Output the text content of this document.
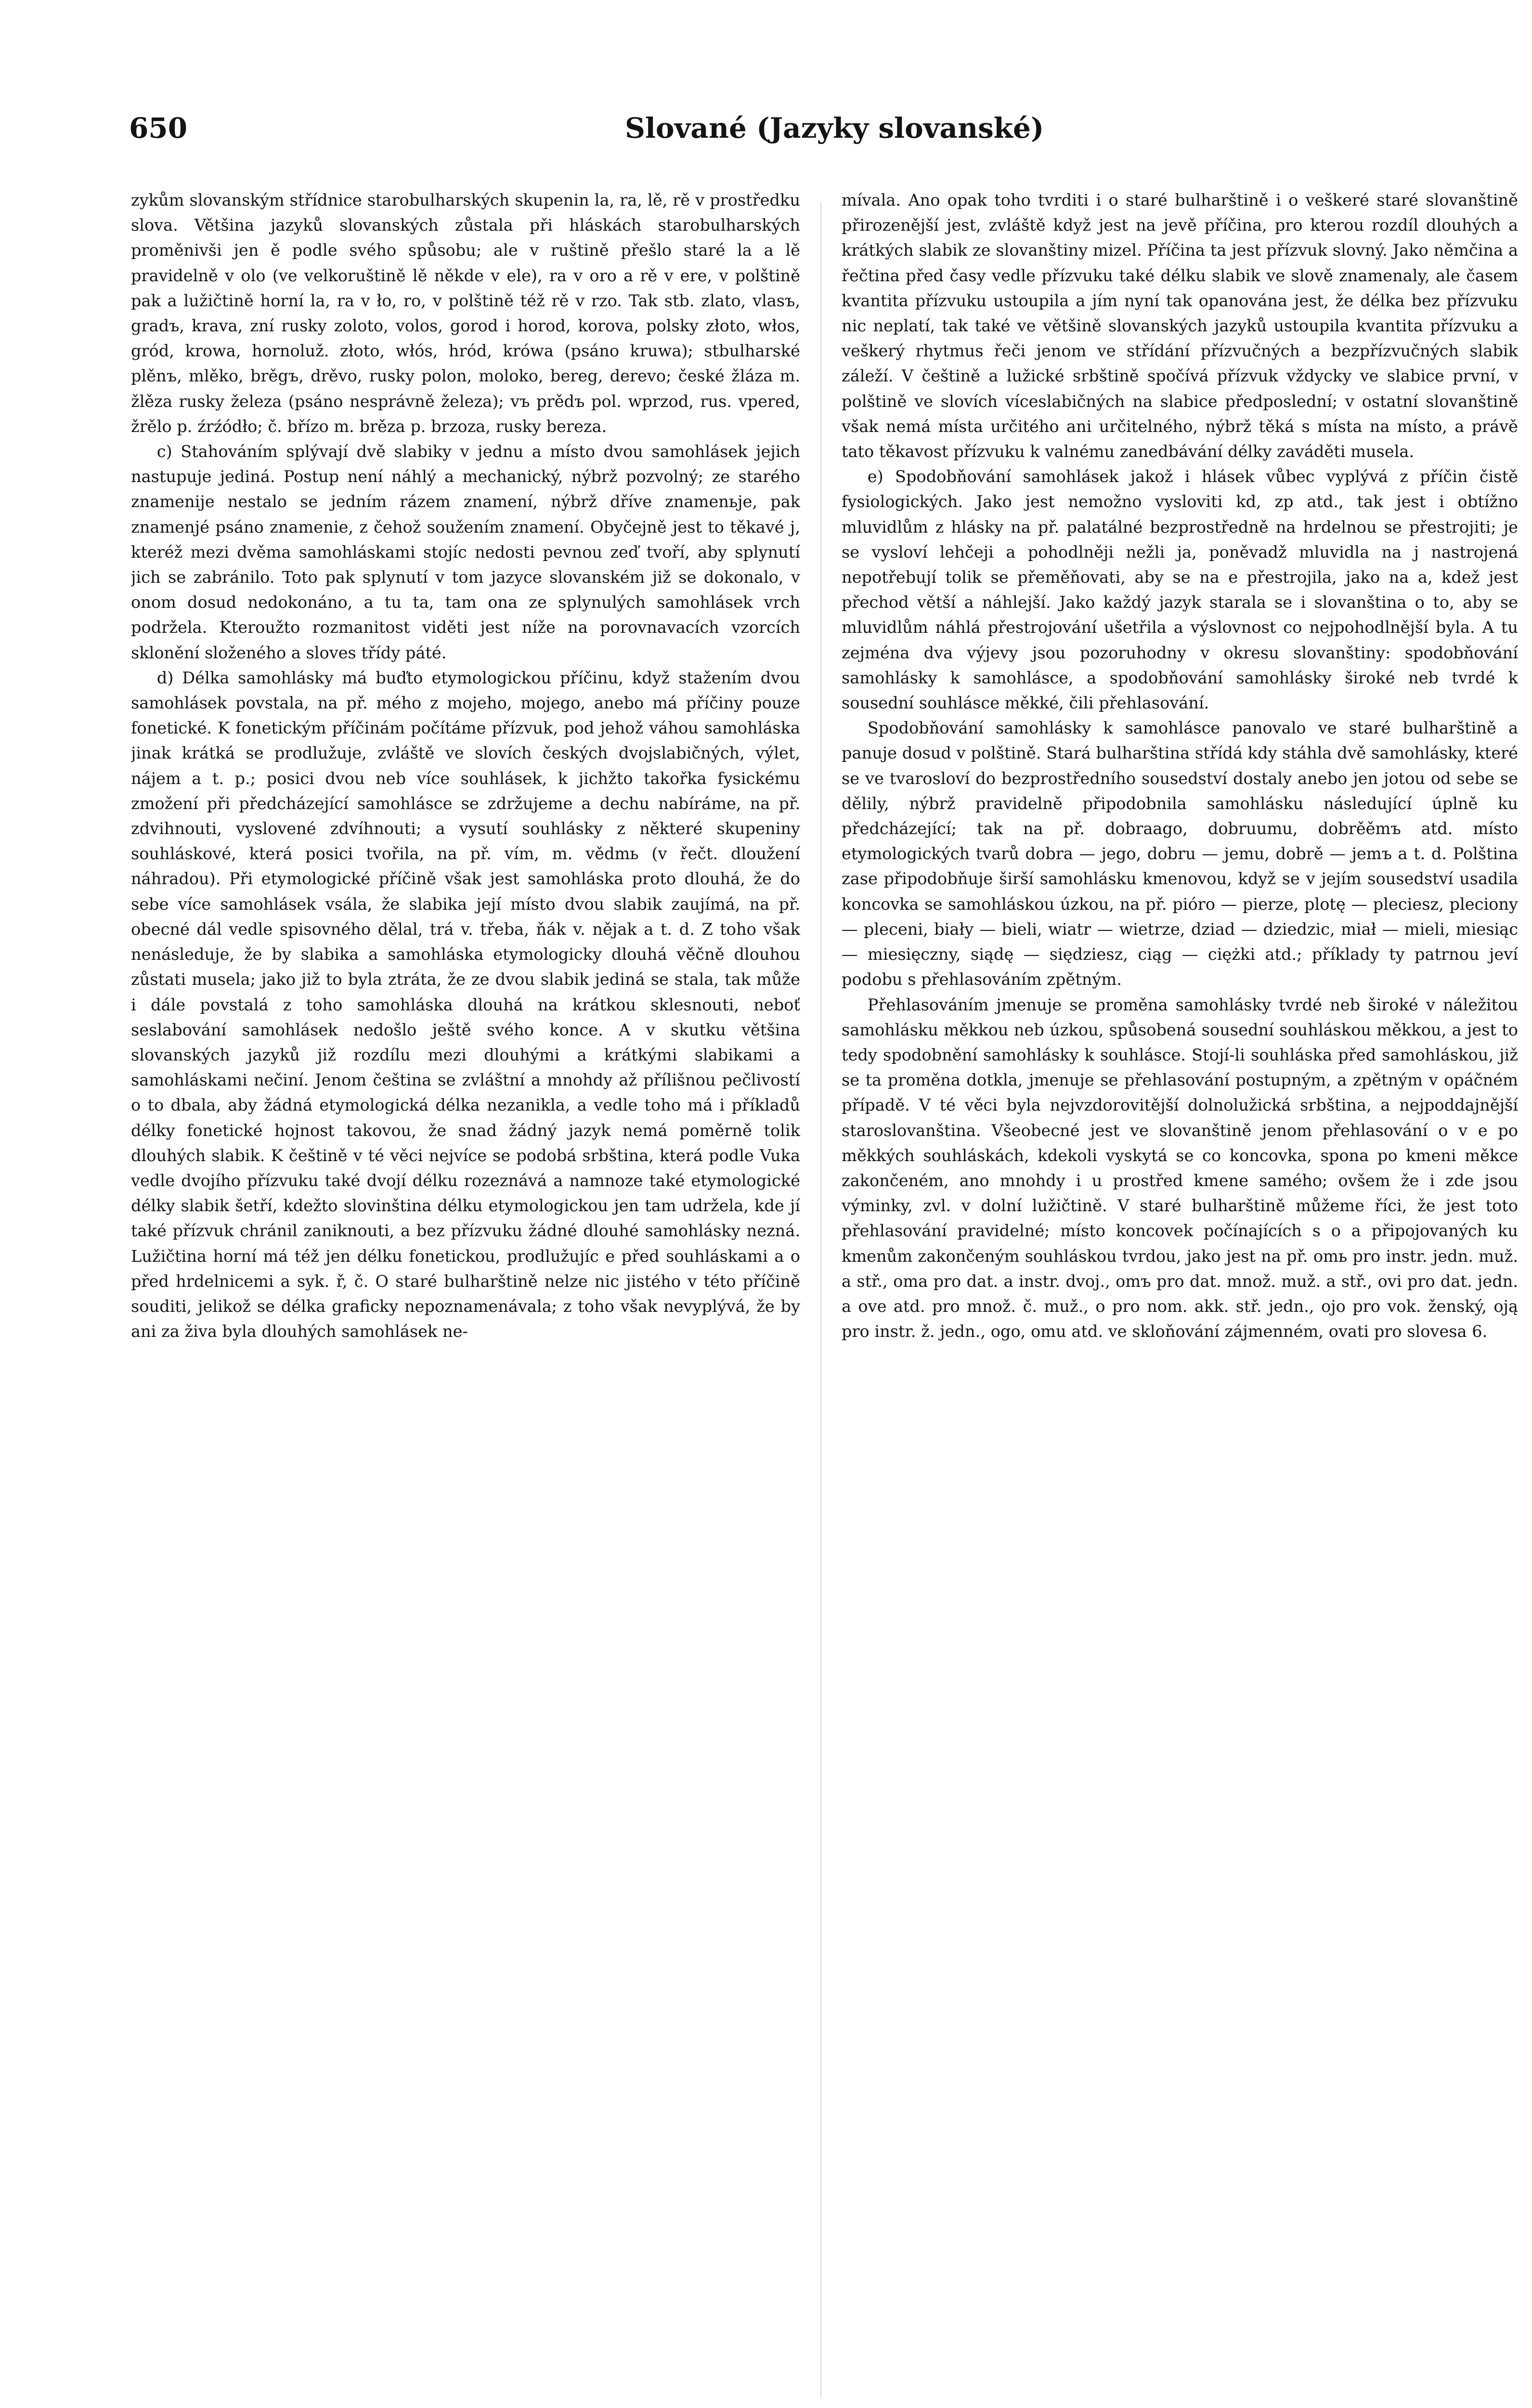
650	Slované (Jazyky slovanské)

zykům slovanským střídnice starobulharských skupenin la, ra, lě, rě v prostředku slova. Většina jazyků slovanských zůstala při hláskách starobulharských proměnivši jen ě podle svého spůsobu; ale v ruštině přešlo staré la a lě pravidelně v olo (ve velkoruštině lě někde v ele), ra v oro a rě v ere, v polštině pak a lužičtině horní la, ra v ło, ro, v polštině též rě v rzo. Tak stb. zlato, vlasъ, gradъ, krava, zní rusky zoloto, volos, gorod i horod, korova, polsky złoto, włos, gród, krowa, hornoluž. złoto, włós, hród, krówa (psáno kruwa); stbulharské plěnъ, mlěko, brěgъ, drěvo, rusky polon, moloko, bereg, derevo; české žláza m. žlěza rusky železa (psáno nesprávně železa); vъ prědъ pol. wprzod, rus. vpered, žrělo p. źrźódło; č. břízo m. brěza p. brzoza, rusky bereza.

c) Stahováním splývají dvě slabiky v jednu a místo dvou samohlásek jejich nastupuje jediná. Postup není náhlý a mechanický, nýbrž pozvolný; ze starého znamenije nestalo se jedním rázem znamení, nýbrž dříve znamenьje, pak znamenjé psáno znamenie, z čehož soužením znamení. Obyčejně jest to těkavé j, kteréž mezi dvěma samohláskami stojíc nedosti pevnou zeď tvoří, aby splynutí jich se zabránilo. Toto pak splynutí v tom jazyce slovanském již se dokonalo, v onom dosud nedokonáno, a tu ta, tam ona ze splynulých samohlásek vrch podržela. Kteroužto rozmanitost viděti jest níže na porovnavacích vzorcích sklonění složeného a sloves třídy páté.

d) Délka samohlásky má buďto etymologickou příčinu, když stažením dvou samohlásek povstala, na př. mého z mojeho, mojego, anebo má příčiny pouze fonetické. K fonetickým příčinám počítáme přízvuk, pod jehož váhou samohláska jinak krátká se prodlužuje, zvláště ve slovích českých dvojslabičných, výlet, nájem a t. p.; posici dvou neb více souhlásek, k jichžto takořka fysickému zmožení při předcházející samohlásce se zdržujeme a dechu nabíráme, na př. zdvihnouti, vyslovené zdvíhnouti; a vysutí souhlásky z některé skupeniny souhláskové, která posici tvořila, na př. vím, m. vědmь (v řečt. dloužení náhradou). Při etymologické příčině však jest samohláska proto dlouhá, že do sebe více samohlásek vsála, že slabika její místo dvou slabik zaujímá, na př. obecné dál vedle spisovného dělal, trá v. třeba, ňák v. nějak a t. d. Z toho však nenásleduje, že by slabika a samohláska etymologicky dlouhá věčně dlouhou zůstati musela; jako již to byla ztráta, že ze dvou slabik jediná se stala, tak může i dále povstalá z toho samohláska dlouhá na krátkou sklesnouti, neboť seslabování samohlásek nedošlo ještě svého konce. A v skutku většina slovanských jazyků již rozdílu mezi dlouhými a krátkými slabikami a samohláskami nečiní. Jenom čeština se zvláštní a mnohdy až přílišnou pečlivostí o to dbala, aby žádná etymologická délka nezanikla, a vedle toho má i příkladů délky fonetické hojnost takovou, že snad žádný jazyk nemá poměrně tolik dlouhých slabik. K češtině v té věci nejvíce se podobá srbština, která podle Vuka vedle dvojího přízvuku také dvojí délku rozeznává a namnoze také etymologické délky slabik šetří, kdežto slovinština délku etymologickou jen tam udržela, kde jí také přízvuk chránil zaniknouti, a bez přízvuku žádné dlouhé samohlásky nezná. Lužičtina horní má též jen délku fonetickou, prodlužujíc e před souhláskami a o před hrdelnicemi a syk. ř, č. O staré bulharštině nelze nic jistého v této příčině souditi, jelikož se délka graficky nepoznamenávala; z toho však nevyplývá, že by ani za živa byla dlouhých samohlásek ne-

mívala. Ano opak toho tvrditi i o staré bulharštině i o veškeré staré slovanštině přirozenější jest, zvláště když jest na jevě příčina, pro kterou rozdíl dlouhých a krátkých slabik ze slovanštiny mizel. Příčina ta jest přízvuk slovný. Jako němčina a řečtina před časy vedle přízvuku také délku slabik ve slově znamenaly, ale časem kvantita přízvuku ustoupila a jím nyní tak opanována jest, že délka bez přízvuku nic neplatí, tak také ve většině slovanských jazyků ustoupila kvantita přízvuku a veškerý rhytmus řeči jenom ve střídání přízvučných a bezpřízvučných slabik záleží. V češtině a lužické srbštině spočívá přízvuk vždycky ve slabice první, v polštině ve slovích víceslabičných na slabice předposlední; v ostatní slovanštině však nemá místa určitého ani určitelného, nýbrž těká s místa na místo, a právě tato těkavost přízvuku k valnému zanedbávání délky zaváděti musela.

e) Spodobňování samohlásek jakož i hlásek vůbec vyplývá z příčin čistě fysiologických. Jako jest nemožno vysloviti kd, zp atd., tak jest i obtížno mluvidlům z hlásky na př. palatálné bezprostředně na hrdelnou se přestrojiti; je se vysloví lehčeji a pohodlněji nežli ja, poněvadž mluvidla na j nastrojená nepotřebují tolik se přeměňovati, aby se na e přestrojila, jako na a, kdež jest přechod větší a náhlejší. Jako každý jazyk starala se i slovanština o to, aby se mluvidlům náhlá přestrojování ušetřila a výslovnost co nejpohodlnější byla. A tu zejména dva výjevy jsou pozoruhodny v okresu slovanštiny: spodobňování samohlásky k samohlásce, a spodobňování samohlásky široké neb tvrdé k sousední souhlásce měkké, čili přehlasování.

Spodobňování samohlásky k samohlásce panovalo ve staré bulharštině a panuje dosud v polštině. Stará bulharština střídá kdy stáhla dvě samohlásky, které se ve tvarosloví do bezprostředního sousedství dostaly anebo jen jotou od sebe se dělily, nýbrž pravidelně připodobnila samohlásku následující úplně ku předcházející; tak na př. dobraago, dobruumu, dobrěěmъ atd. místo etymologických tvarů dobra — jego, dobru — jemu, dobrě — jemъ a t. d. Polština zase připodobňuje širší samohlásku kmenovou, když se v jejím sousedství usadila koncovka se samohláskou úzkou, na př. pióro — pierze, plotę — pleciesz, pleciony — pleceni, biały — bieli, wiatr — wietrze, dziad — dziedzic, miał — mieli, miesiąc — miesięczny, siądę — siędziesz, ciąg — ciężki atd.; příklady ty patrnou jeví podobu s přehlasováním zpětným.

Přehlasováním jmenuje se proměna samohlásky tvrdé neb široké v náležitou samohlásku měkkou neb úzkou, spůsobená sousední souhláskou měkkou, a jest to tedy spodobnění samohlásky k souhlásce. Stojí-li souhláska před samohláskou, již se ta proměna dotkla, jmenuje se přehlasování postupným, a zpětným v opáčném případě. V té věci byla nejvzdorovitější dolnolužická srbština, a nejpoddajnější staroslovanština. Všeobecné jest ve slovanštině jenom přehlasování o v e po měkkých souhláskách, kdekoli vyskytá se co koncovka, spona po kmeni měkce zakončeném, ano mnohdy i u prostřed kmene samého; ovšem že i zde jsou výminky, zvl. v dolní lužičtině. V staré bulharštině můžeme říci, že jest toto přehlasování pravidelné; místo koncovek počínajících s o a připojovaných ku kmenům zakončeným souhláskou tvrdou, jako jest na př. omь pro instr. jedn. muž. a stř., oma pro dat. a instr. dvoj., omъ pro dat. množ. muž. a stř., ovi pro dat. jedn. a ove atd. pro množ. č. muž., o pro nom. akk. stř. jedn., ojo pro vok. ženský, oją pro instr. ž. jedn., ogo, omu atd. ve skloňování zájmenném, ovati pro slovesa 6.
